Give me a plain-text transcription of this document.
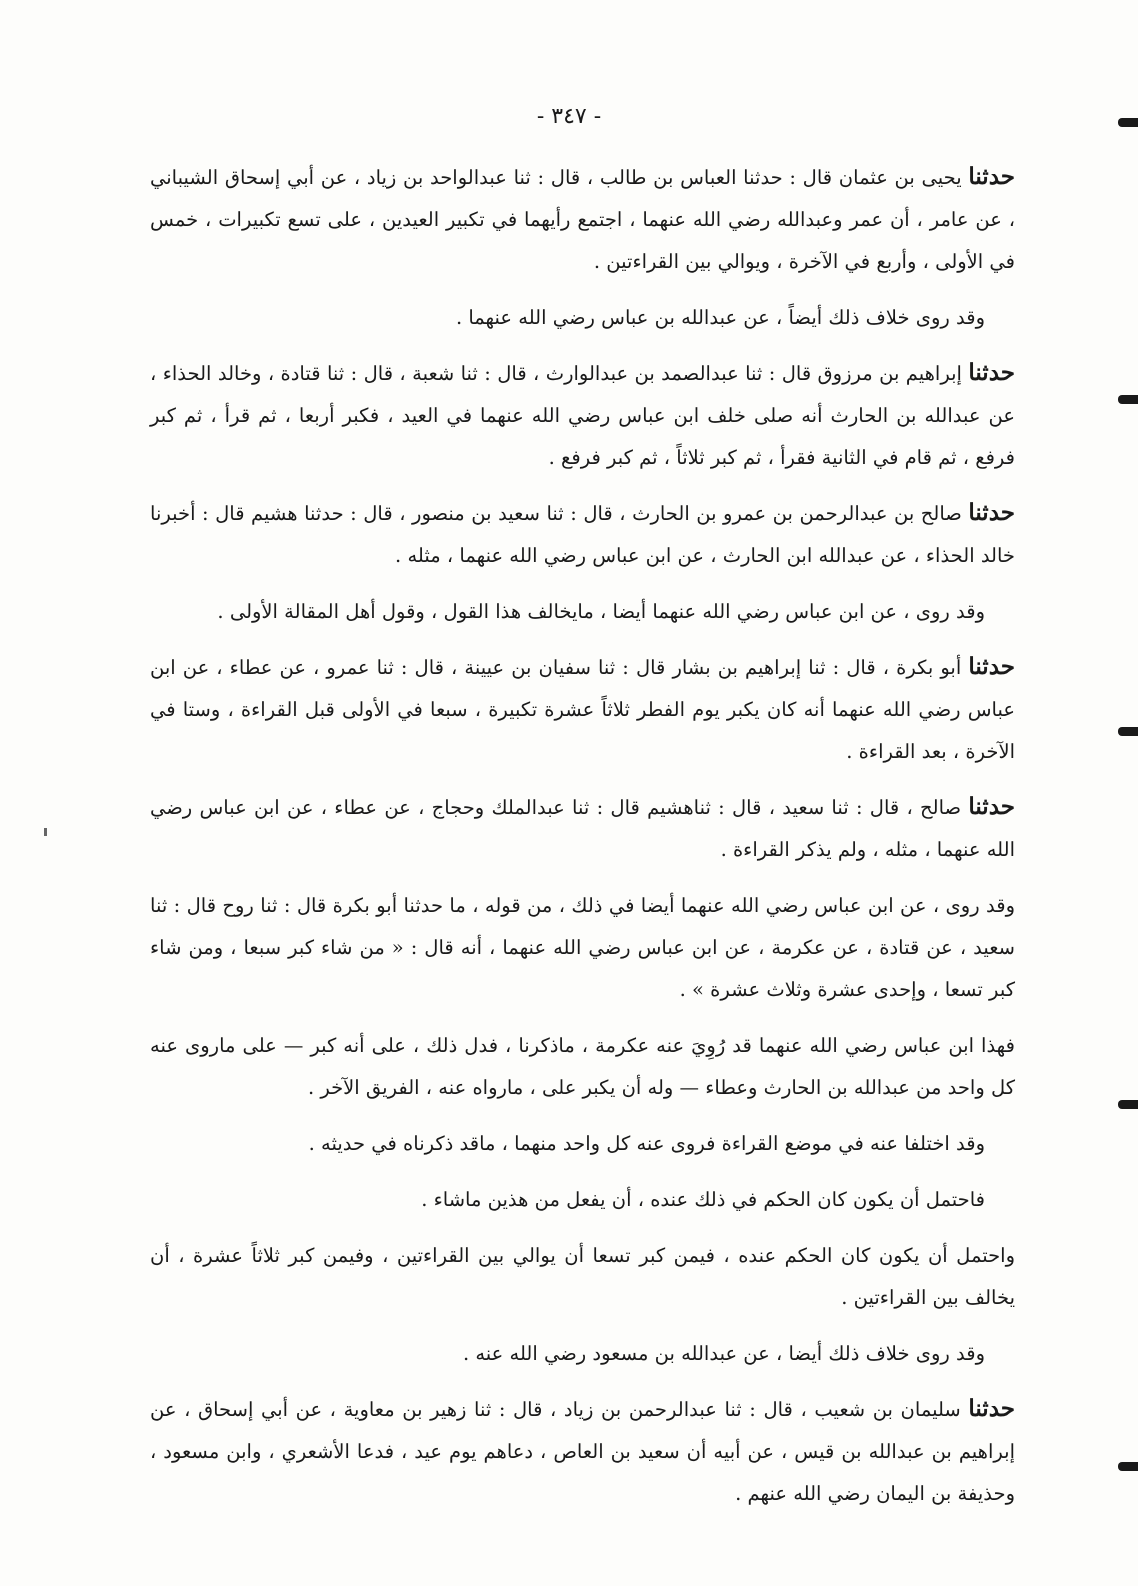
- ٣٤٧ -

حدثنا يحيى بن عثمان قال : حدثنا العباس بن طالب ، قال : ثنا عبدالواحد بن زياد ، عن أبي إسحاق الشيباني ، عن عامر ، أن عمر وعبدالله رضي الله عنهما ، اجتمع رأيهما في تكبير العيدين ، على تسع تكبيرات ، خمس في الأولى ، وأربع في الآخرة ، ويوالي بين القراءتين .

وقد روى خلاف ذلك أيضاً ، عن عبدالله بن عباس رضي الله عنهما .

حدثنا إبراهيم بن مرزوق قال : ثنا عبدالصمد بن عبدالوارث ، قال : ثنا شعبة ، قال : ثنا قتادة ، وخالد الحذاء ، عن عبدالله بن الحارث أنه صلى خلف ابن عباس رضي الله عنهما في العيد ، فكبر أربعا ، ثم قرأ ، ثم كبر فرفع ، ثم قام في الثانية فقرأ ، ثم كبر ثلاثاً ، ثم كبر فرفع .

حدثنا صالح بن عبدالرحمن بن عمرو بن الحارث ، قال : ثنا سعيد بن منصور ، قال : حدثنا هشيم قال : أخبرنا خالد الحذاء ، عن عبدالله ابن الحارث ، عن ابن عباس رضي الله عنهما ، مثله .

وقد روى ، عن ابن عباس رضي الله عنهما أيضا ، مايخالف هذا القول ، وقول أهل المقالة الأولى .

حدثنا أبو بكرة ، قال : ثنا إبراهيم بن بشار قال : ثنا سفيان بن عيينة ، قال : ثنا عمرو ، عن عطاء ، عن ابن عباس رضي الله عنهما أنه كان يكبر يوم الفطر ثلاثاً عشرة تكبيرة ، سبعا في الأولى قبل القراءة ، وستا في الآخرة ، بعد القراءة .

حدثنا صالح ، قال : ثنا سعيد ، قال : ثناهشيم قال : ثنا عبدالملك وحجاج ، عن عطاء ، عن ابن عباس رضي الله عنهما ، مثله ، ولم يذكر القراءة .

وقد روى ، عن ابن عباس رضي الله عنهما أيضا في ذلك ، من قوله ، ما حدثنا أبو بكرة قال : ثنا روح قال : ثنا سعيد ، عن قتادة ، عن عكرمة ، عن ابن عباس رضي الله عنهما ، أنه قال : « من شاء كبر سبعا ، ومن شاء كبر تسعا ، وإحدى عشرة وثلاث عشرة » .

فهذا ابن عباس رضي الله عنهما قد رُوِيَ عنه عكرمة ، ماذكرنا ، فدل ذلك ، على أنه كبر — على ماروى عنه كل واحد من عبدالله بن الحارث وعطاء — وله أن يكبر على ، مارواه عنه ، الفريق الآخر .

وقد اختلفا عنه في موضع القراءة فروى عنه كل واحد منهما ، ماقد ذكرناه في حديثه .

فاحتمل أن يكون كان الحكم في ذلك عنده ، أن يفعل من هذين ماشاء .

واحتمل أن يكون كان الحكم عنده ، فيمن كبر تسعا أن يوالي بين القراءتين ، وفيمن كبر ثلاثاً عشرة ، أن يخالف بين القراءتين .

وقد روى خلاف ذلك أيضا ، عن عبدالله بن مسعود رضي الله عنه .

حدثنا سليمان بن شعيب ، قال : ثنا عبدالرحمن بن زياد ، قال : ثنا زهير بن معاوية ، عن أبي إسحاق ، عن إبراهيم بن عبدالله بن قيس ، عن أبيه أن سعيد بن العاص ، دعاهم يوم عيد ، فدعا الأشعري ، وابن مسعود ، وحذيفة بن اليمان رضي الله عنهم .
